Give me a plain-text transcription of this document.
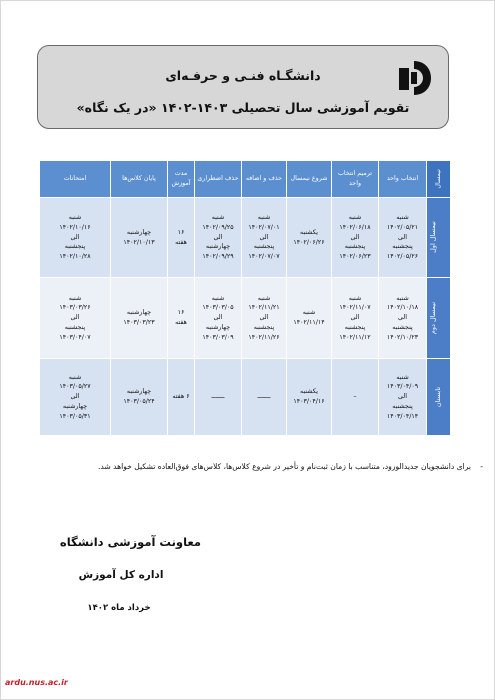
دانشگـاه فنـی و حرفـه‌ای
تقویم آموزشی سال تحصیلی ۱۴۰۳-۱۴۰۲ «در یک نگاه»
نیمسال	انتخاب واحد	ترمیم انتخاب واحد	شروع نیمسال	حذف و اضافه	حذف اضطراری	مدت آموزش	پایان کلاس‌ها	امتحانات
نیمسال اول	شنبه
۱۴۰۲/۰۵/۲۱
الی
پنجشنبه
۱۴۰۲/۰۵/۲۶	شنبه
۱۴۰۲/۰۶/۱۸
الی
پنجشنبه
۱۴۰۲/۰۶/۲۳	یکشنبه
۱۴۰۲/۰۶/۲۶	شنبه
۱۴۰۲/۰۷/۰۱
الی
پنجشنبه
۱۴۰۲/۰۷/۰۷	شنبه
۱۴۰۲/۰۹/۲۵
الی
چهارشنبه
۱۴۰۲/۰۹/۲۹	۱۶
هفته	چهارشنبه
۱۴۰۲/۱۰/۱۳	شنبه
۱۴۰۲/۱۰/۱۶
الی
پنجشنبه
۱۴۰۲/۱۰/۲۸
نیمسال دوم	شنبه
۱۴۰۲/۱۰/۱۸
الی
پنجشنبه
۱۴۰۲/۱۰/۲۳	شنبه
۱۴۰۲/۱۱/۰۷
الی
پنجشنبه
۱۴۰۲/۱۱/۱۲	شنبه
۱۴۰۲/۱۱/۱۴	شنبه
۱۴۰۲/۱۱/۲۱
الی
پنجشنبه
۱۴۰۲/۱۱/۲۶	شنبه
۱۴۰۳/۰۳/۰۵
الی
چهارشنبه
۱۴۰۳/۰۳/۰۹	۱۶
هفته	چهارشنبه
۱۴۰۳/۰۳/۲۳	شنبه
۱۴۰۳/۰۳/۲۶
الی
پنجشنبه
۱۴۰۳/۰۴/۰۷
تابستان	شنبه
۱۴۰۳/۰۴/۰۹
الی
پنجشنبه
۱۴۰۳/۰۴/۱۴	–	یکشنبه
۱۴۰۳/۰۴/۱۶	ـــــــ	ـــــــ	۶ هفته	چهارشنبه
۱۴۰۳/۰۵/۲۴	شنبه
۱۴۰۳/۰۵/۲۷
الی
چهارشنبه
۱۴۰۳/۰۵/۳۱
-
برای دانشجویان جدیدالورود، متناسب با زمان ثبت‌نام و تأخیر در شروع کلاس‌ها، کلاس‌های فوق‌العاده تشکیل خواهد شد.
معاونت آموزشی دانشگاه
اداره کل آموزش
خرداد ماه ۱۴۰۲
ardu.nus.ac.ir
